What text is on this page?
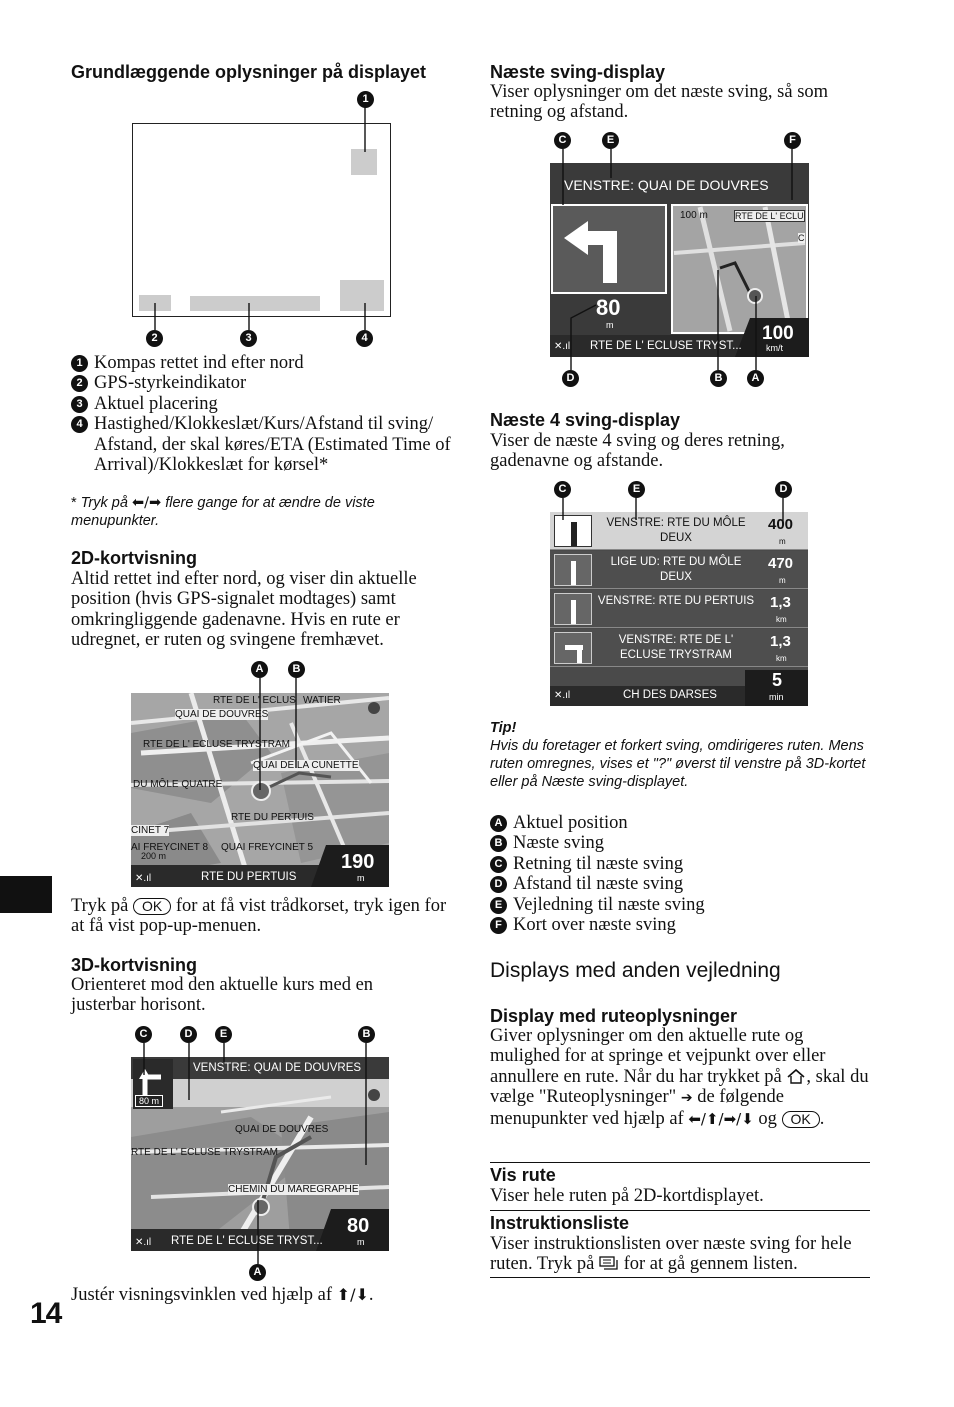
14
Grundlæggende oplysninger på displayet
1
2	3	4
1 Kompas rettet ind efter nord
2 GPS-styrkeindikator
3 Aktuel placering
4 Hastighed/Klokkeslæt/Kurs/Afstand til sving/ Afstand, der skal køres/ETA (Estimated Time of Arrival)/Klokkeslæt for kørsel*
* Tryk på ⬅/➡ flere gange for at ændre de viste menupunkter.
2D-kortvisning
Altid rettet ind efter nord, og viser din aktuelle position (hvis GPS-signalet modtages) samt omkringliggende gadenavne. Hvis en rute er udregnet, er ruten og svingene fremhævet.
RTE DE L' ECLUS WATIER
QUAI DE DOUVRES
RTE DE L' ECLUSE TRYSTRAM
QUAI DE LA CUNETTE
DU MÔLE QUATRE
RTE DU PERTUIS
CINET 7
AI FREYCINET 8 QUAI FREYCINET 5
200 m
✕.ıl	RTE DU PERTUIS
190
m
A	B
Tryk på OK for at få vist trådkorset, tryk igen for at få vist pop-up-menuen.
3D-kortvisning
Orienteret mod den aktuelle kurs med en justerbar horisont.
VENSTRE: QUAI DE DOUVRES
80 m
QUAI DE DOUVRES
RTE DE L' ECLUSE TRYSTRAM
CHEMIN DU MAREGRAPHE
✕.ıl RTE DE L' ECLUSE TRYST...
80
m
C	D	E	B
A
Justér visningsvinklen ved hjælp af ⬆/⬇.
Næste sving-display
Viser oplysninger om det næste sving, så som retning og afstand.
VENSTRE: QUAI DE DOUVRES
80
m
100 m	RTE DE L' ECLU
C
✕.ıl RTE DE L' ECLUSE TRYST...
100
km/t
C	E	F
D	B	A
Næste 4 sving-display
Viser de næste 4 sving og deres retning, gadenavne og afstande.
VENSTRE: RTE DU MÔLE DEUX
400
m
LIGE UD: RTE DU MÔLE DEUX
470
m
VENSTRE: RTE DU PERTUIS 1,3
km
VENSTRE: RTE DE L' ECLUSE TRYSTRAM
1,3
km
✕.ıl	CH DES DARSES
5
min
C	E	D
Tip!
Hvis du foretager et forkert sving, omdirigeres ruten. Mens ruten omregnes, vises et "?" øverst til venstre på 3D-kortet eller på Næste sving-displayet.
A Aktuel position
B Næste sving
C Retning til næste sving
D Afstand til næste sving
E Vejledning til næste sving
F Kort over næste sving
Displays med anden vejledning
Display med ruteoplysninger
Giver oplysninger om den aktuelle rute og mulighed for at springe et vejpunkt over eller annullere en rute. Når du har trykket på , skal du vælge "Ruteoplysninger" ➔ de følgende menupunkter ved hjælp af ⬅/⬆/➡/⬇ og OK .
Vis rute
Viser hele ruten på 2D-kortdisplayet.
Instruktionsliste
Viser instruktionslisten over næste sving for hele ruten. Tryk på for at gå gennem listen.
